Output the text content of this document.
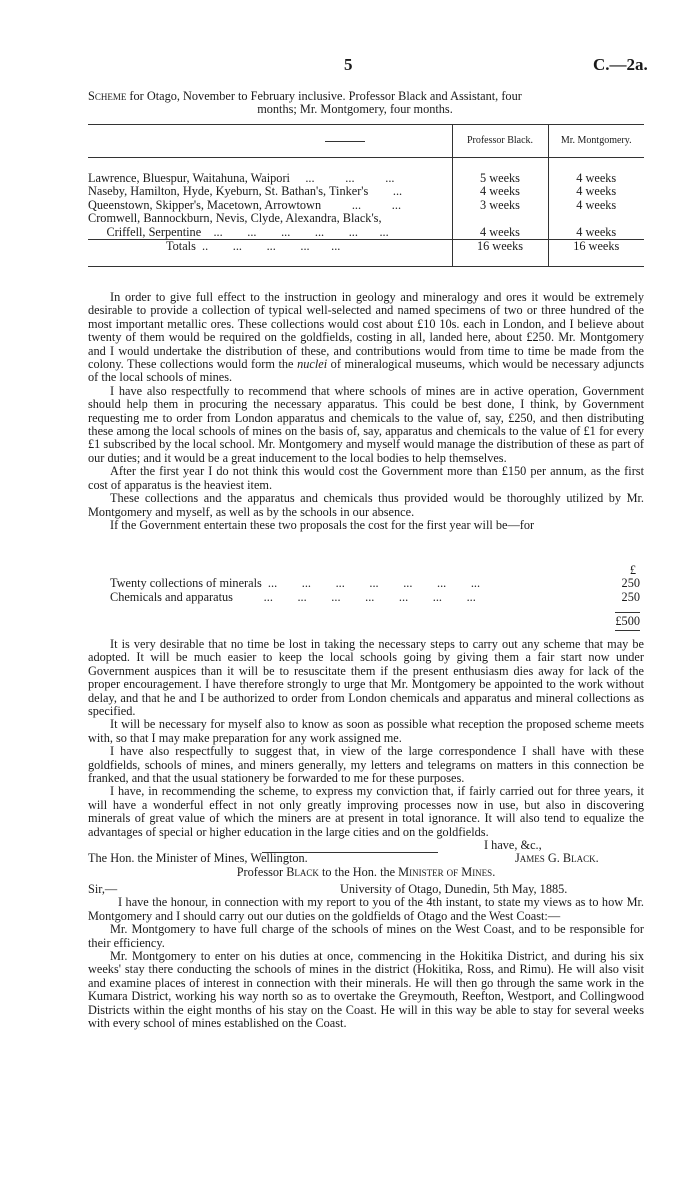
5	C.—2a.
Scheme for Otago, November to February inclusive. Professor Black and Assistant, four
months; Mr. Montgomery, four months.
	Professor Black.	Mr. Montgomery.

Lawrence, Bluespur, Waitahuna, Waipori     ...          ...          ...	5 weeks	4 weeks
Naseby, Hamilton, Hyde, Kyeburn, St. Bathan's, Tinker's        ...	4 weeks	4 weeks
Queenstown, Skipper's, Macetown, Arrowtown          ...          ...	3 weeks	4 weeks
Cromwell, Bannockburn, Nevis, Clyde, Alexandra, Black's,		
Criffell, Serpentine    ...        ...        ...        ...        ...       ...	4 weeks	4 weeks
Totals  ..        ...        ...        ...       ...	16 weeks	16 weeks

In order to give full effect to the instruction in geology and mineralogy and ores it would be extremely desirable to provide a collection of typical well-selected and named specimens of two or three hundred of the most important metallic ores. These collections would cost about £10 10s. each in London, and I believe about twenty of them would be required on the goldfields, costing in all, landed here, about £250. Mr. Montgomery and I would undertake the distribution of these, and contributions would from time to time be made from the colony. These collections would form the nuclei of mineralogical museums, which would be necessary adjuncts of the local schools of mines.

I have also respectfully to recommend that where schools of mines are in active operation, Government should help them in procuring the necessary apparatus. This could be best done, I think, by Government requesting me to order from London apparatus and chemicals to the value of, say, £250, and then distributing these among the local schools of mines on the basis of, say, apparatus and chemicals to the value of £1 for every £1 subscribed by the local school. Mr. Montgomery and myself would manage the distribution of these as part of our duties; and it would be a great inducement to the local bodies to help themselves.

After the first year I do not think this would cost the Government more than £150 per annum, as the first cost of apparatus is the heaviest item.

These collections and the apparatus and chemicals thus provided would be thoroughly utilized by Mr. Montgomery and myself, as well as by the schools in our absence.

If the Government entertain these two proposals the cost for the first year will be—for

£
Twenty collections of minerals  ...        ...        ...        ...        ...        ...        ...	250
Chemicals and apparatus          ...        ...        ...        ...        ...        ...        ...	250
£500

It is very desirable that no time be lost in taking the necessary steps to carry out any scheme that may be adopted. It will be much easier to keep the local schools going by giving them a fair start now under Government auspices than it will be to resuscitate them if the present enthusiasm dies away for lack of the proper encouragement. I have therefore strongly to urge that Mr. Montgomery be appointed to the work without delay, and that he and I be authorized to order from London chemicals and apparatus and mineral collections as specified.

It will be necessary for myself also to know as soon as possible what reception the proposed scheme meets with, so that I may make preparation for any work assigned me.

I have also respectfully to suggest that, in view of the large correspondence I shall have with these goldfields, schools of mines, and miners generally, my letters and telegrams on matters in this connection be franked, and that the usual stationery be forwarded to me for these purposes.

I have, in recommending the scheme, to express my conviction that, if fairly carried out for three years, it will have a wonderful effect in not only greatly improving processes now in use, but also in discovering minerals of great value of which the miners are at present in total ignorance. It will also tend to equalize the advantages of special or higher education in the large cities and on the goldfields.

I have, &c.,
The Hon. the Minister of Mines, Wellington.	James G. Black.
Professor Black to the Hon. the Minister of Mines.
Sir,—	University of Otago, Dunedin, 5th May, 1885.

I have the honour, in connection with my report to you of the 4th instant, to state my views as to how Mr. Montgomery and I should carry out our duties on the goldfields of Otago and the West Coast:—

Mr. Montgomery to have full charge of the schools of mines on the West Coast, and to be responsible for their efficiency.

Mr. Montgomery to enter on his duties at once, commencing in the Hokitika District, and during his six weeks' stay there conducting the schools of mines in the district (Hokitika, Ross, and Rimu). He will also visit and examine places of interest in connection with their minerals. He will then go through the same work in the Kumara District, working his way north so as to overtake the Greymouth, Reefton, Westport, and Collingwood Districts within the eight months of his stay on the Coast. He will in this way be able to stay for several weeks with every school of mines established on the Coast.
